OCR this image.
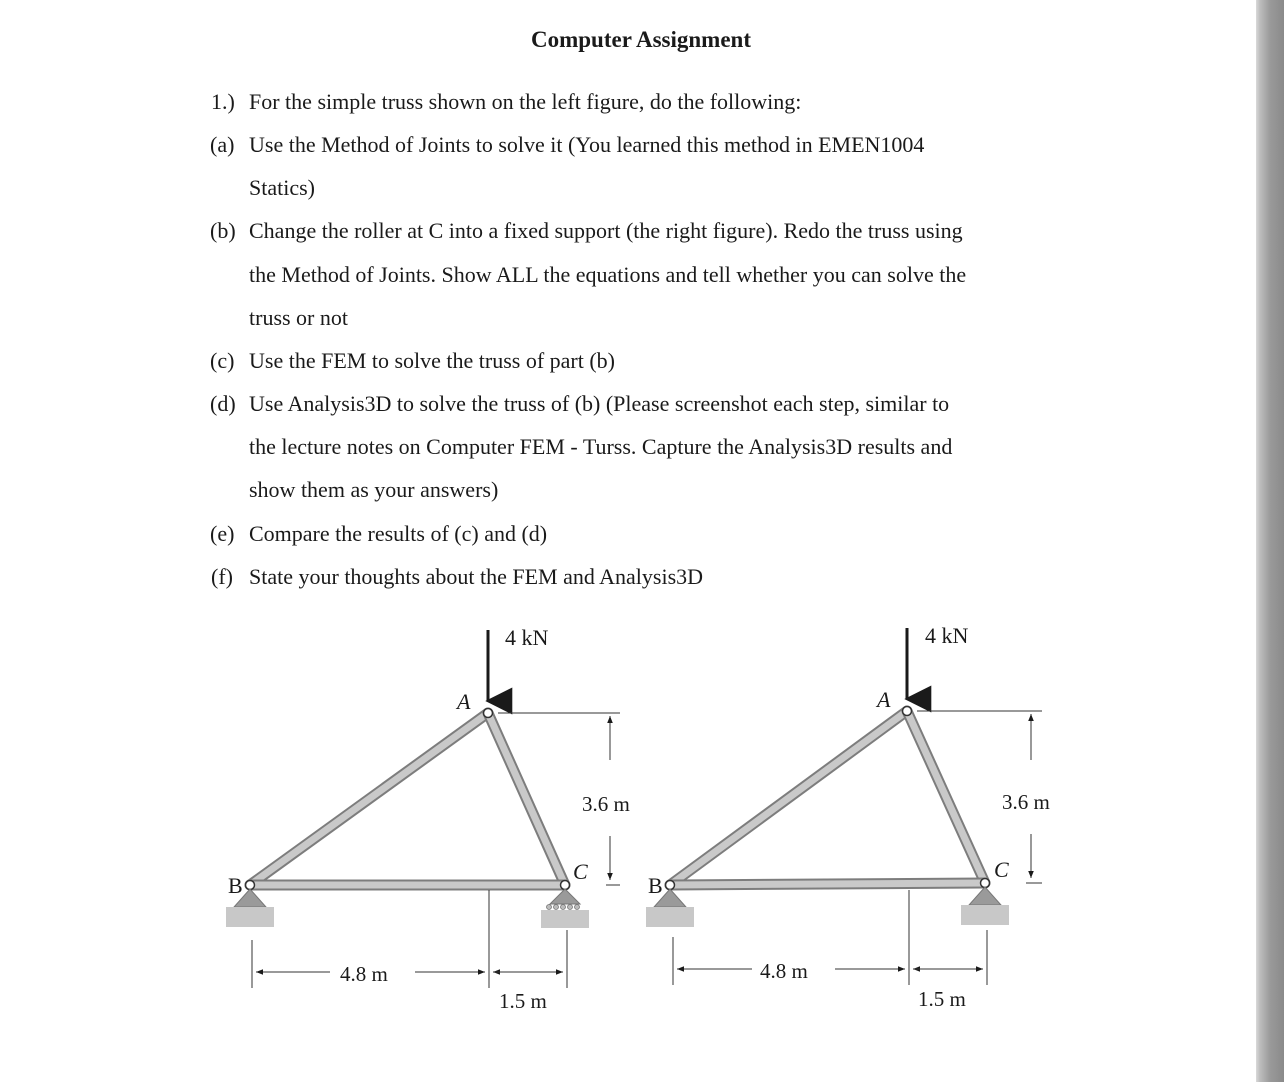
Computer Assignment
1.) For the simple truss shown on the left figure, do the following:
(a) Use the Method of Joints to solve it (You learned this method in EMEN1004
Statics)
(b) Change the roller at C into a fixed support (the right figure). Redo the truss using
the Method of Joints. Show ALL the equations and tell whether you can solve the
truss or not
(c) Use the FEM to solve the truss of part (b)
(d) Use Analysis3D to solve the truss of (b) (Please screenshot each step, similar to
the lecture notes on Computer FEM - Turss. Capture the Analysis3D results and
show them as your answers)
(e) Compare the results of (c) and (d)
(f) State your thoughts about the FEM and Analysis3D
4 kN
A
B
C
3.6 m
4.8 m
1.5 m
4 kN
A
B
C
3.6 m
4.8 m
1.5 m
